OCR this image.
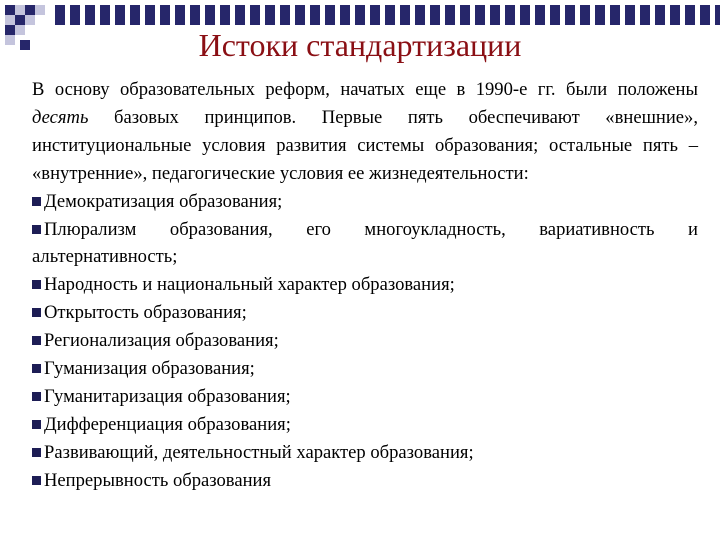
Истоки стандартизации

В основу образовательных реформ, начатых еще в 1990-е гг. были положены десять базовых принципов. Первые пять обеспечивают «внешние», институциональные условия развития системы образования; остальные пять – «внутренние», педагогические условия ее жизнедеятельности:

Демократизация образования;
Плюрализм образования, его многоукладность, вариативность и альтернативность;
Народность и национальный характер образования;
Открытость образования;
Регионализация образования;
Гуманизация образования;
Гуманитаризация образования;
Дифференциация образования;
Развивающий, деятельностный характер образования;
Непрерывность образования
